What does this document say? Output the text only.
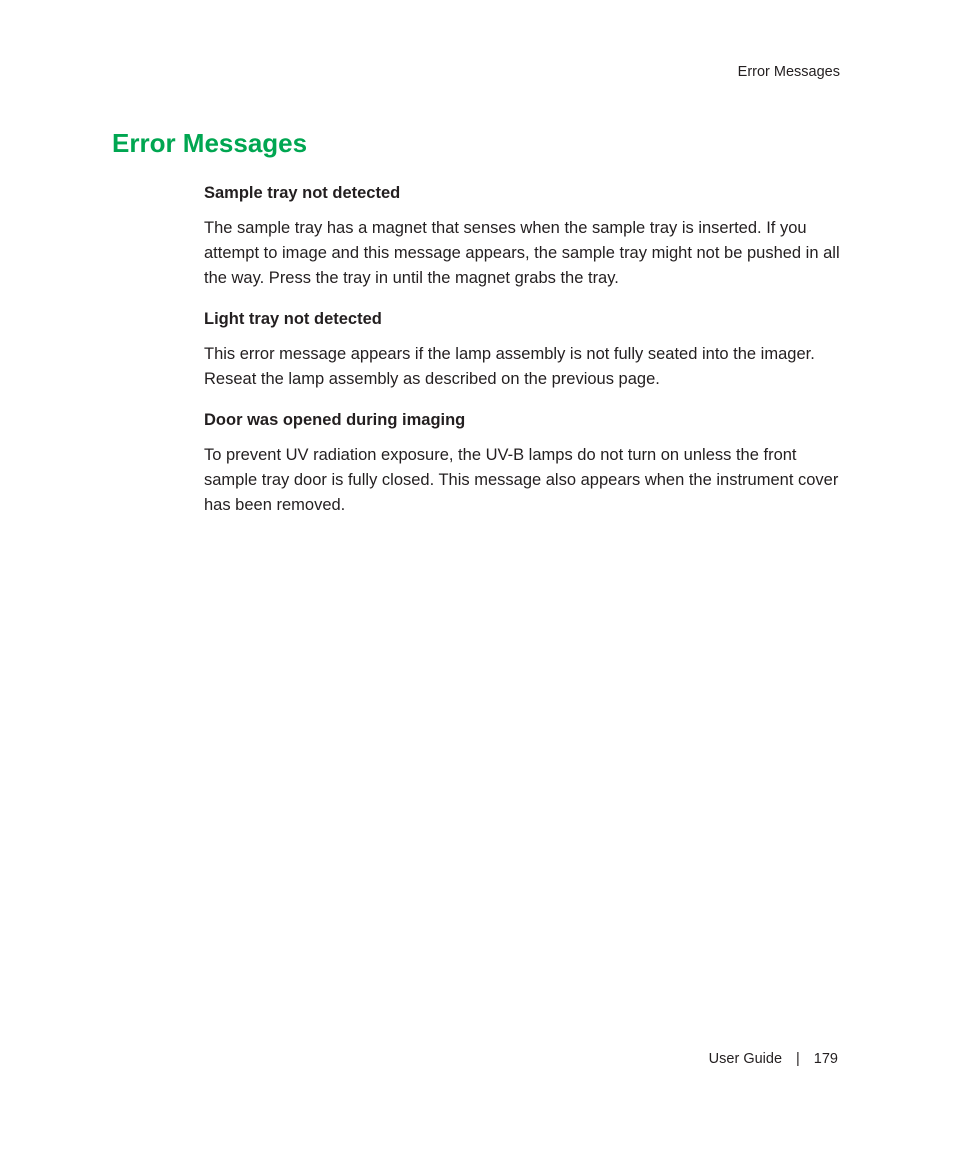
Error Messages
Error Messages
Sample tray not detected

The sample tray has a magnet that senses when the sample tray is inserted. If you attempt to image and this message appears, the sample tray might not be pushed in all the way. Press the tray in until the magnet grabs the tray.

Light tray not detected

This error message appears if the lamp assembly is not fully seated into the imager. Reseat the lamp assembly as described on the previous page.

Door was opened during imaging

To prevent UV radiation exposure, the UV-B lamps do not turn on unless the front sample tray door is fully closed. This message also appears when the instrument cover has been removed.

User Guide | 179
